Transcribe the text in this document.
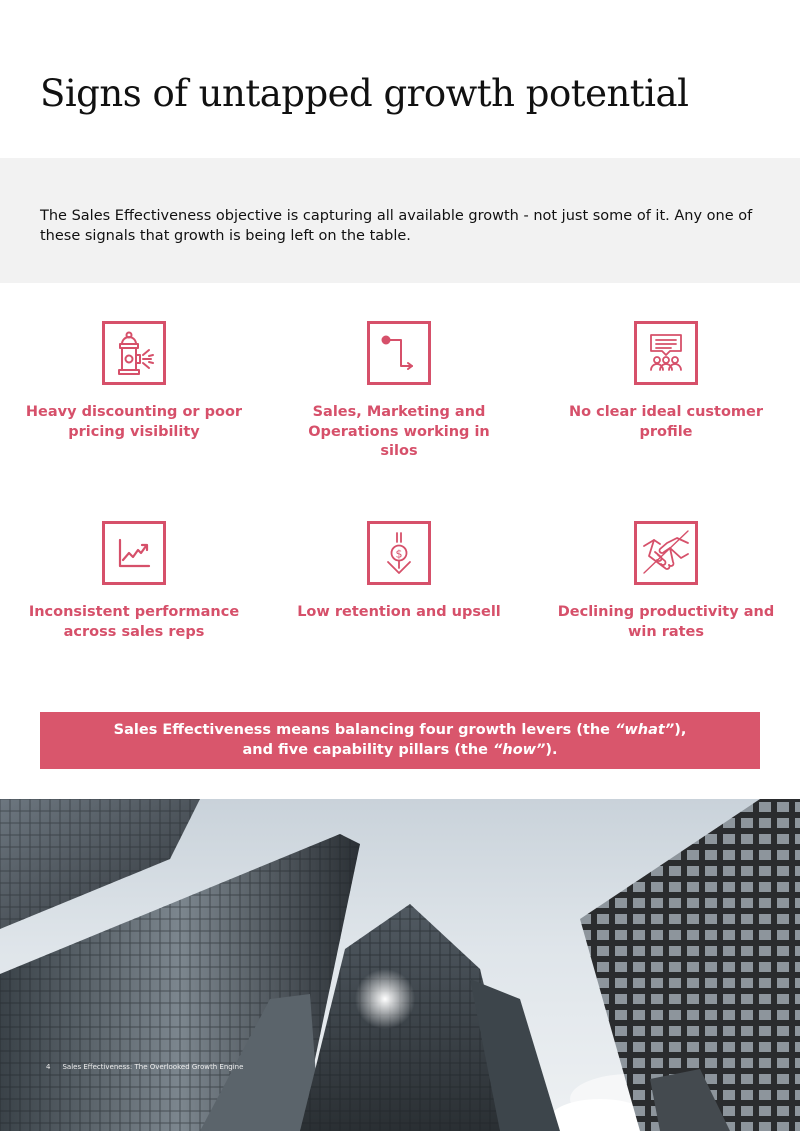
Signs of untapped growth potential

The Sales Effectiveness objective is capturing all available growth - not just some of it. Any one of these signals that growth is being left on the table.

Heavy discounting or poor pricing visibility
Sales, Marketing and Operations working in silos
No clear ideal customer profile
Inconsistent performance across sales reps
$
Low retention and upsell	Declining productivity and win rates
Sales Effectiveness means balancing four growth levers (the “what”),
and five capability pillars (the “how”).
4 Sales Effectiveness: The Overlooked Growth Engine
